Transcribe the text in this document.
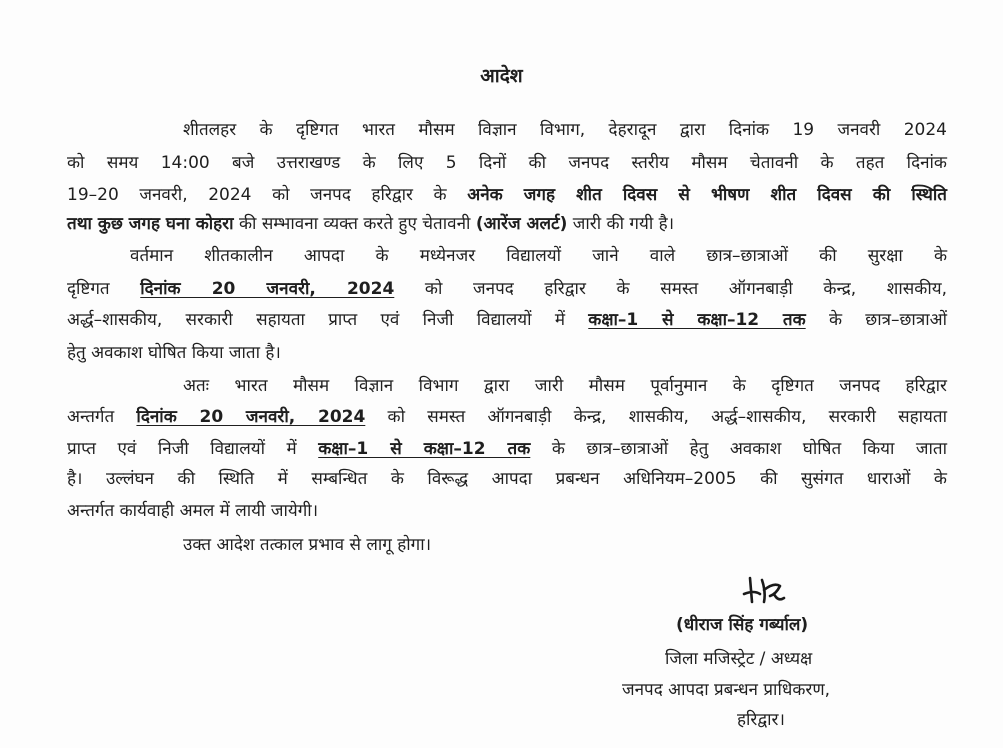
आदेश

शीतलहर के दृष्टिगत भारत मौसम विज्ञान विभाग, देहरादून द्वारा दिनांक 19 जनवरी 2024

को समय 14:00 बजे उत्तराखण्ड के लिए 5 दिनों की जनपद स्तरीय मौसम चेतावनी के तहत दिनांक

19–20 जनवरी, 2024 को जनपद हरिद्वार के अनेक जगह शीत दिवस से भीषण शीत दिवस की स्थिति

तथा कुछ जगह घना कोहरा की सम्भावना व्यक्त करते हुए चेतावनी (आरेंज अलर्ट) जारी की गयी है।

वर्तमान शीतकालीन आपदा के मध्येनजर विद्यालयों जाने वाले छात्र–छात्राओं की सुरक्षा के

दृष्टिगत दिनांक 20 जनवरी, 2024 को जनपद हरिद्वार के समस्त ऑगनबाड़ी केन्द्र, शासकीय,

अर्द्ध–शासकीय, सरकारी सहायता प्राप्त एवं निजी विद्यालयों में कक्षा–1 से कक्षा–12 तक के छात्र–छात्राओं

हेतु अवकाश घोषित किया जाता है।

अतः भारत मौसम विज्ञान विभाग द्वारा जारी मौसम पूर्वानुमान के दृष्टिगत जनपद हरिद्वार

अन्तर्गत दिनांक 20 जनवरी, 2024 को समस्त ऑगनबाड़ी केन्द्र, शासकीय, अर्द्ध–शासकीय, सरकारी सहायता

प्राप्त एवं निजी विद्यालयों में कक्षा–1 से कक्षा–12 तक के छात्र–छात्राओं हेतु अवकाश घोषित किया जाता

है। उल्लंघन की स्थिति में सम्बन्धित के विरूद्ध आपदा प्रबन्धन अधिनियम–2005 की सुसंगत धाराओं के

अन्तर्गत कार्यवाही अमल में लायी जायेगी।

उक्त आदेश तत्काल प्रभाव से लागू होगा।

(धीराज सिंह गर्ब्याल)

जिला मजिस्ट्रेट / अध्यक्ष

जनपद आपदा प्रबन्धन प्राधिकरण,

हरिद्वार।
